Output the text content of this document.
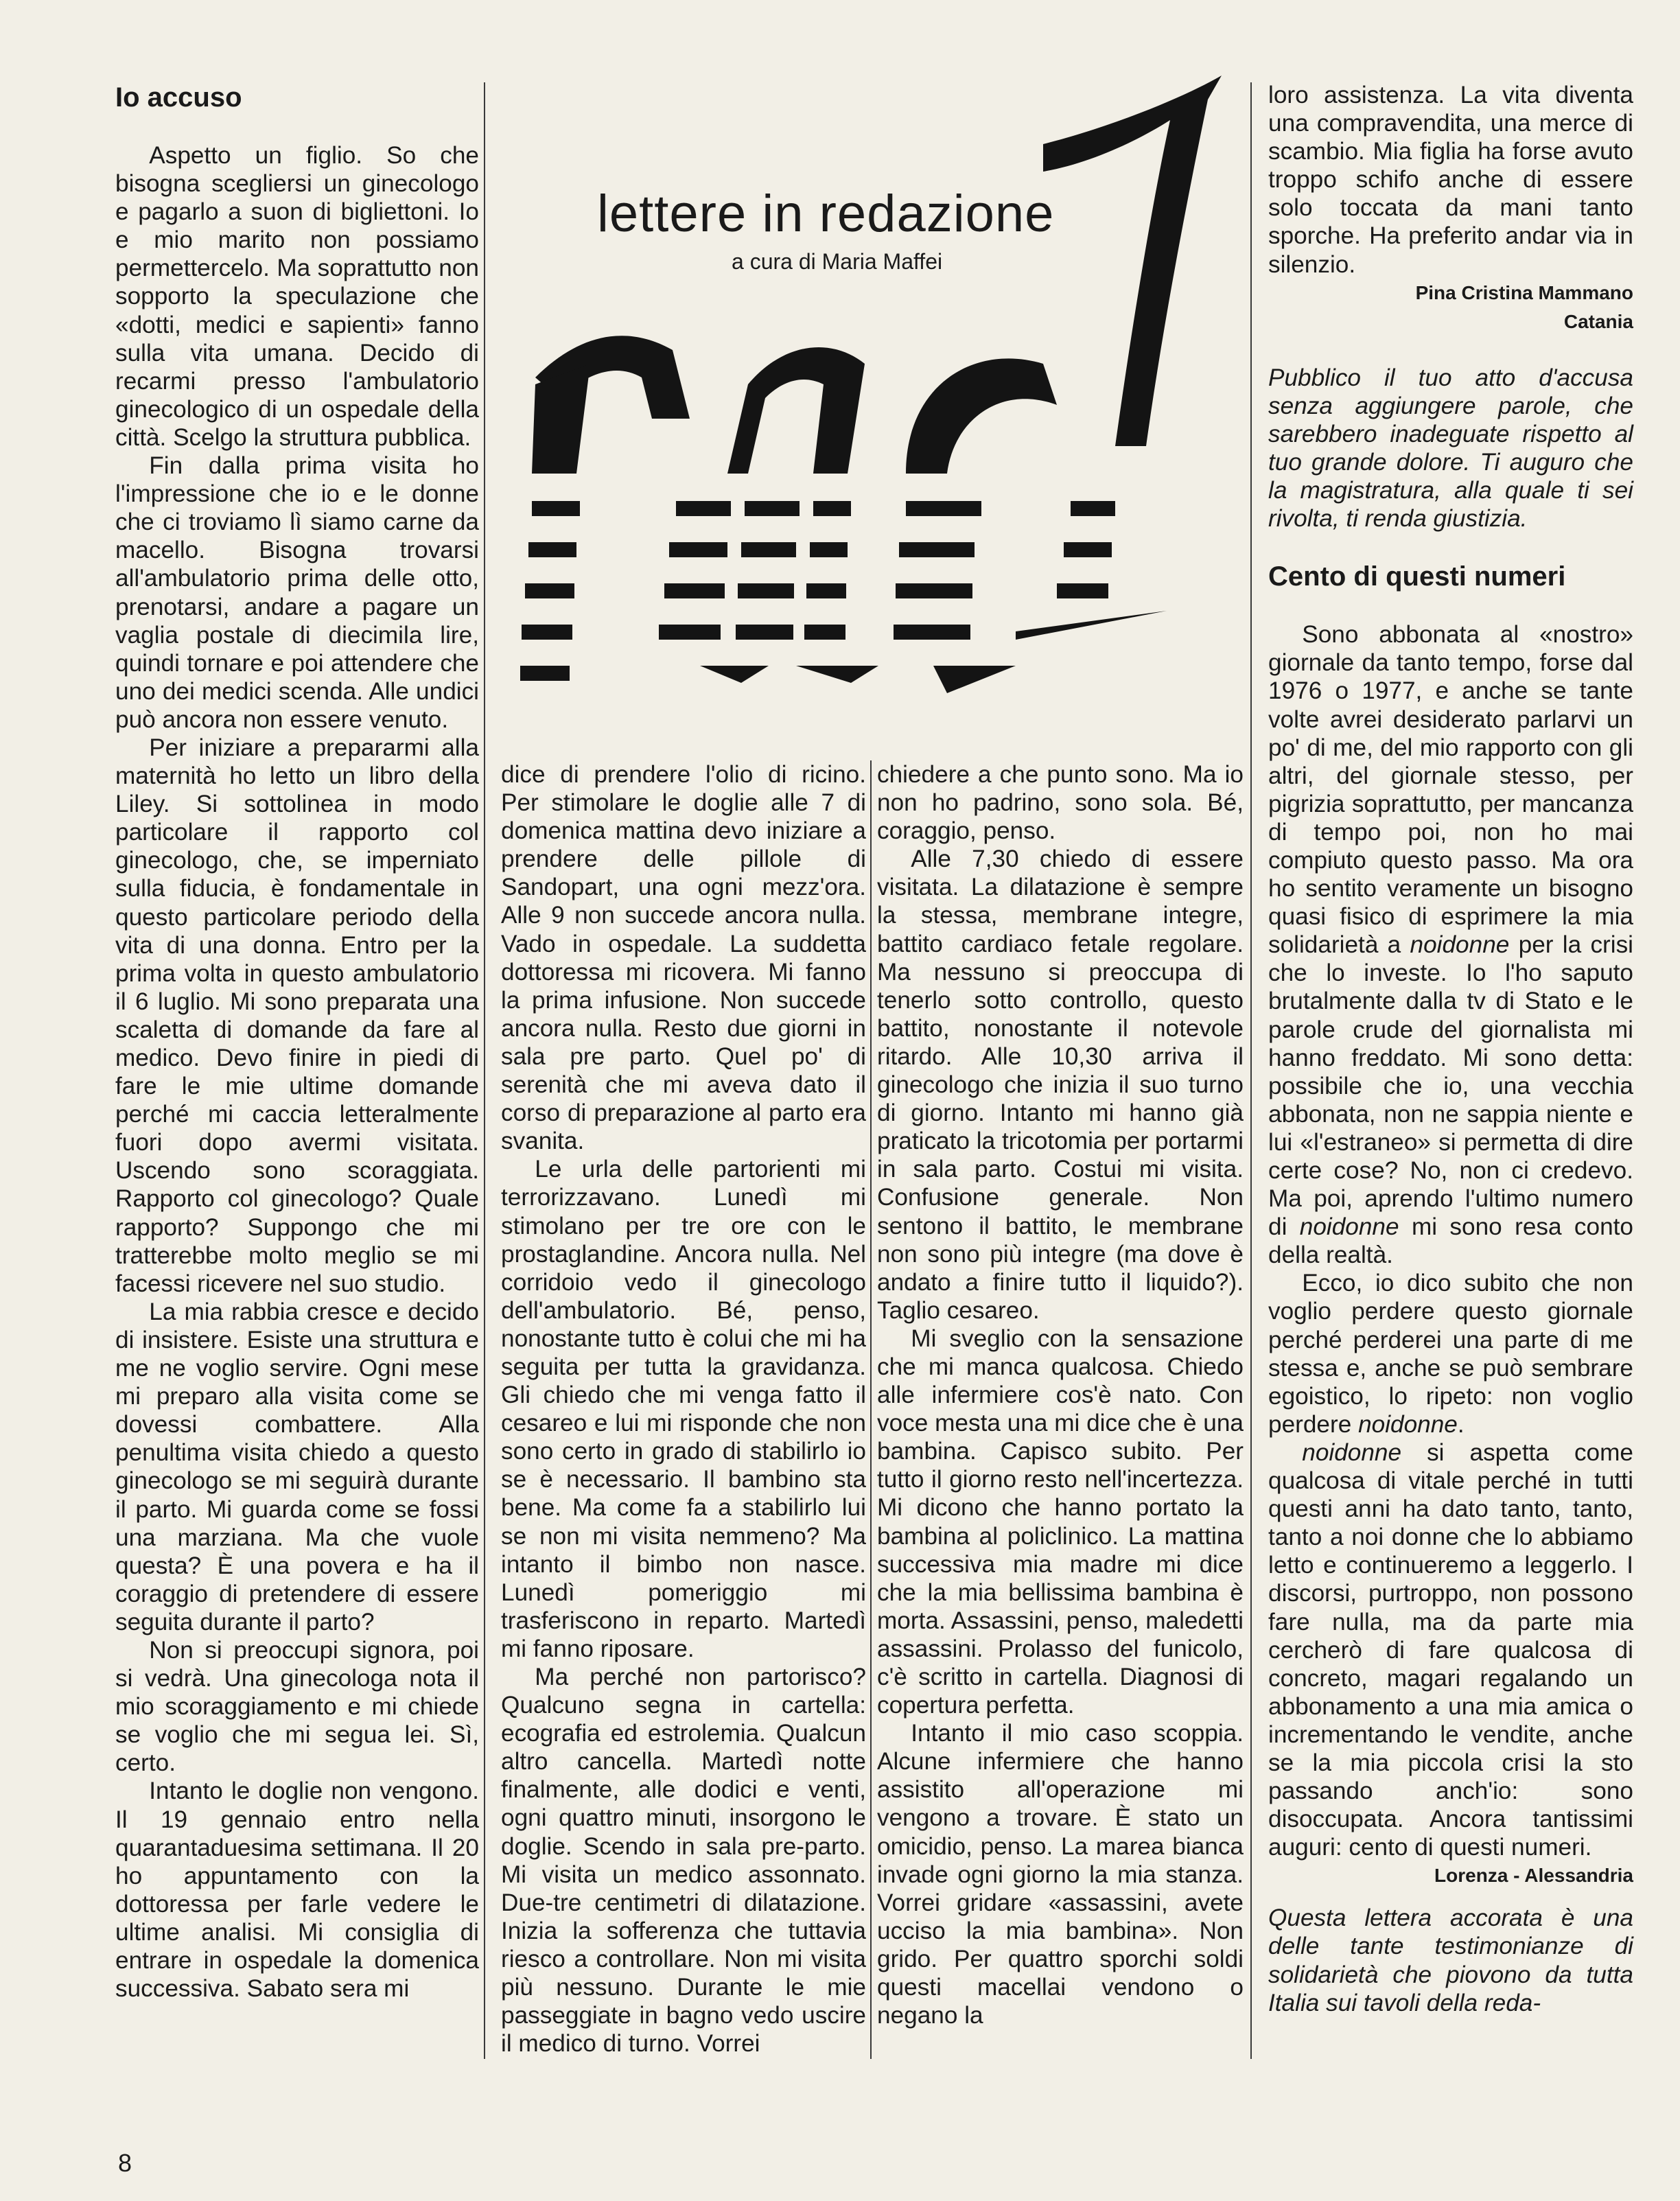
lettere in redazione
a cura di Maria Maffei
Io accuso

Aspetto un figlio. So che bisogna scegliersi un ginecologo e pagarlo a suon di bigliettoni. Io e mio marito non possiamo permettercelo. Ma soprattutto non sopporto la speculazione che «dotti, medici e sapienti» fanno sulla vita umana. Decido di recarmi presso l'ambulatorio ginecologico di un ospedale della città. Scelgo la struttura pubblica.

Fin dalla prima visita ho l'impressione che io e le donne che ci troviamo lì siamo carne da macello. Bisogna trovarsi all'ambulatorio prima delle otto, prenotarsi, andare a pagare un vaglia postale di diecimila lire, quindi tornare e poi attendere che uno dei medici scenda. Alle undici può ancora non essere venuto.

Per iniziare a prepararmi alla maternità ho letto un libro della Liley. Si sottolinea in modo particolare il rapporto col ginecologo, che, se imperniato sulla fiducia, è fondamentale in questo particolare periodo della vita di una donna. Entro per la prima volta in questo ambulatorio il 6 luglio. Mi sono preparata una scaletta di domande da fare al medico. Devo finire in piedi di fare le mie ultime domande perché mi caccia letteralmente fuori dopo avermi visitata. Uscendo sono scoraggiata. Rapporto col ginecologo? Quale rapporto? Suppongo che mi tratterebbe molto meglio se mi facessi ricevere nel suo studio.

La mia rabbia cresce e decido di insistere. Esiste una struttura e me ne voglio servire. Ogni mese mi preparo alla visita come se dovessi combattere. Alla penultima visita chiedo a questo ginecologo se mi seguirà durante il parto. Mi guarda come se fossi una marziana. Ma che vuole questa? È una povera e ha il coraggio di pretendere di essere seguita durante il parto?

Non si preoccupi signora, poi si vedrà. Una ginecologa nota il mio scoraggiamento e mi chiede se voglio che mi segua lei. Sì, certo.

Intanto le doglie non vengono. Il 19 gennaio entro nella quarantaduesima settimana. Il 20 ho appuntamento con la dottoressa per farle vedere le ultime analisi. Mi consiglia di entrare in ospedale la domenica successiva. Sabato sera mi

dice di prendere l'olio di ricino. Per stimolare le doglie alle 7 di domenica mattina devo iniziare a prendere delle pillole di Sandopart, una ogni mezz'ora. Alle 9 non succede ancora nulla. Vado in ospedale. La suddetta dottoressa mi ricovera. Mi fanno la prima infusione. Non succede ancora nulla. Resto due giorni in sala pre parto. Quel po' di serenità che mi aveva dato il corso di preparazione al parto era svanita.

Le urla delle partorienti mi terrorizzavano. Lunedì mi stimolano per tre ore con le prostaglandine. Ancora nulla. Nel corridoio vedo il ginecologo dell'ambulatorio. Bé, penso, nonostante tutto è colui che mi ha seguita per tutta la gravidanza. Gli chiedo che mi venga fatto il cesareo e lui mi risponde che non sono certo in grado di stabilirlo io se è necessario. Il bambino sta bene. Ma come fa a stabilirlo lui se non mi visita nemmeno? Ma intanto il bimbo non nasce. Lunedì pomeriggio mi trasferiscono in reparto. Martedì mi fanno riposare.

Ma perché non partorisco? Qualcuno segna in cartella: ecografia ed estrolemia. Qualcun altro cancella. Martedì notte finalmente, alle dodici e venti, ogni quattro minuti, insorgono le doglie. Scendo in sala pre-parto. Mi visita un medico assonnato. Due-tre centimetri di dilatazione. Inizia la sofferenza che tuttavia riesco a controllare. Non mi visita più nessuno. Durante le mie passeggiate in bagno vedo uscire il medico di turno. Vorrei

chiedere a che punto sono. Ma io non ho padrino, sono sola. Bé, coraggio, penso.

Alle 7,30 chiedo di essere visitata. La dilatazione è sempre la stessa, membrane integre, battito cardiaco fetale regolare. Ma nessuno si preoccupa di tenerlo sotto controllo, questo battito, nonostante il notevole ritardo. Alle 10,30 arriva il ginecologo che inizia il suo turno di giorno. Intanto mi hanno già praticato la tricotomia per portarmi in sala parto. Costui mi visita. Confusione generale. Non sentono il battito, le membrane non sono più integre (ma dove è andato a finire tutto il liquido?). Taglio cesareo.

Mi sveglio con la sensazione che mi manca qualcosa. Chiedo alle infermiere cos'è nato. Con voce mesta una mi dice che è una bambina. Capisco subito. Per tutto il giorno resto nell'incertezza. Mi dicono che hanno portato la bambina al policlinico. La mattina successiva mia madre mi dice che la mia bellissima bambina è morta. Assassini, penso, maledetti assassini. Prolasso del funicolo, c'è scritto in cartella. Diagnosi di copertura perfetta.

Intanto il mio caso scoppia. Alcune infermiere che hanno assistito all'operazione mi vengono a trovare. È stato un omicidio, penso. La marea bianca invade ogni giorno la mia stanza. Vorrei gridare «assassini, avete ucciso la mia bambina». Non grido. Per quattro sporchi soldi questi macellai vendono o negano la

loro assistenza. La vita diventa una compravendita, una merce di scambio. Mia figlia ha forse avuto troppo schifo anche di essere solo toccata da mani tanto sporche. Ha preferito andar via in silenzio.

Pina Cristina Mammano

Catania

Pubblico il tuo atto d'accusa senza aggiungere parole, che sarebbero inadeguate rispetto al tuo grande dolore. Ti auguro che la magistratura, alla quale ti sei rivolta, ti renda giustizia.

Cento di questi numeri

Sono abbonata al «nostro» giornale da tanto tempo, forse dal 1976 o 1977, e anche se tante volte avrei desiderato parlarvi un po' di me, del mio rapporto con gli altri, del giornale stesso, per pigrizia soprattutto, per mancanza di tempo poi, non ho mai compiuto questo passo. Ma ora ho sentito veramente un bisogno quasi fisico di esprimere la mia solidarietà a noidonne per la crisi che lo investe. Io l'ho saputo brutalmente dalla tv di Stato e le parole crude del giornalista mi hanno freddato. Mi sono detta: possibile che io, una vecchia abbonata, non ne sappia niente e lui «l'estraneo» si permetta di dire certe cose? No, non ci credevo. Ma poi, aprendo l'ultimo numero di noidonne mi sono resa conto della realtà.

Ecco, io dico subito che non voglio perdere questo giornale perché perderei una parte di me stessa e, anche se può sembrare egoistico, lo ripeto: non voglio perdere noidonne.

noidonne si aspetta come qualcosa di vitale perché in tutti questi anni ha dato tanto, tanto, tanto a noi donne che lo abbiamo letto e continueremo a leggerlo. I discorsi, purtroppo, non possono fare nulla, ma da parte mia cercherò di fare qualcosa di concreto, magari regalando un abbonamento a una mia amica o incrementando le vendite, anche se la mia piccola crisi la sto passando anch'io: sono disoccupata. Ancora tantissimi auguri: cento di questi numeri.

Lorenza - Alessandria

Questa lettera accorata è una delle tante testimonianze di solidarietà che piovono da tutta Italia sui tavoli della reda-

8
